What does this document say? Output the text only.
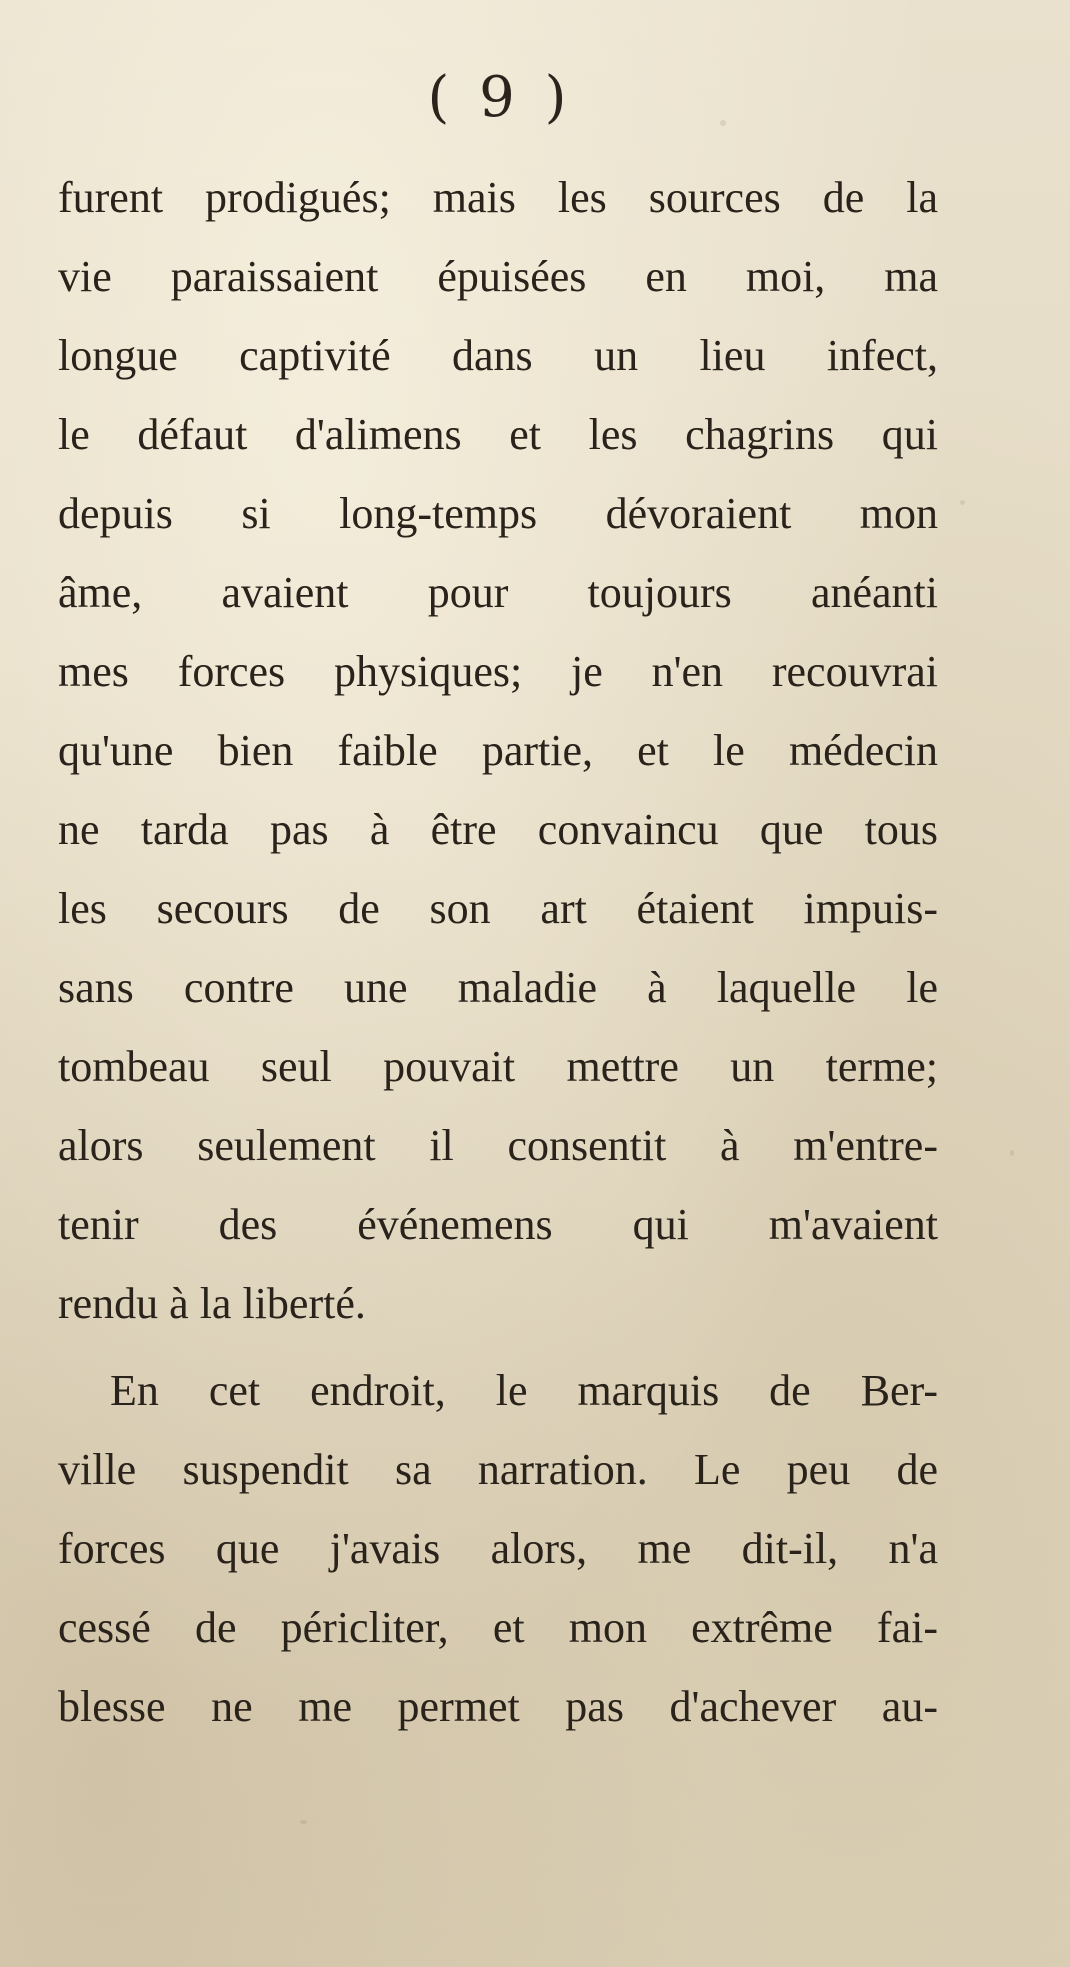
( 9 )
furent prodigués; mais les sources de la
vie paraissaient épuisées en moi, ma
longue captivité dans un lieu infect,
le défaut d'alimens et les chagrins qui
depuis si long-temps dévoraient mon
âme, avaient pour toujours anéanti
mes forces physiques; je n'en recouvrai
qu'une bien faible partie, et le médecin
ne tarda pas à être convaincu que tous
les secours de son art étaient impuis-
sans contre une maladie à laquelle le
tombeau seul pouvait mettre un terme;
alors seulement il consentit à m'entre-
tenir des événemens qui m'avaient
rendu à la liberté.
En cet endroit, le marquis de Ber-
ville suspendit sa narration. Le peu de
forces que j'avais alors, me dit-il, n'a
cessé de péricliter, et mon extrême fai-
blesse ne me permet pas d'achever au-
